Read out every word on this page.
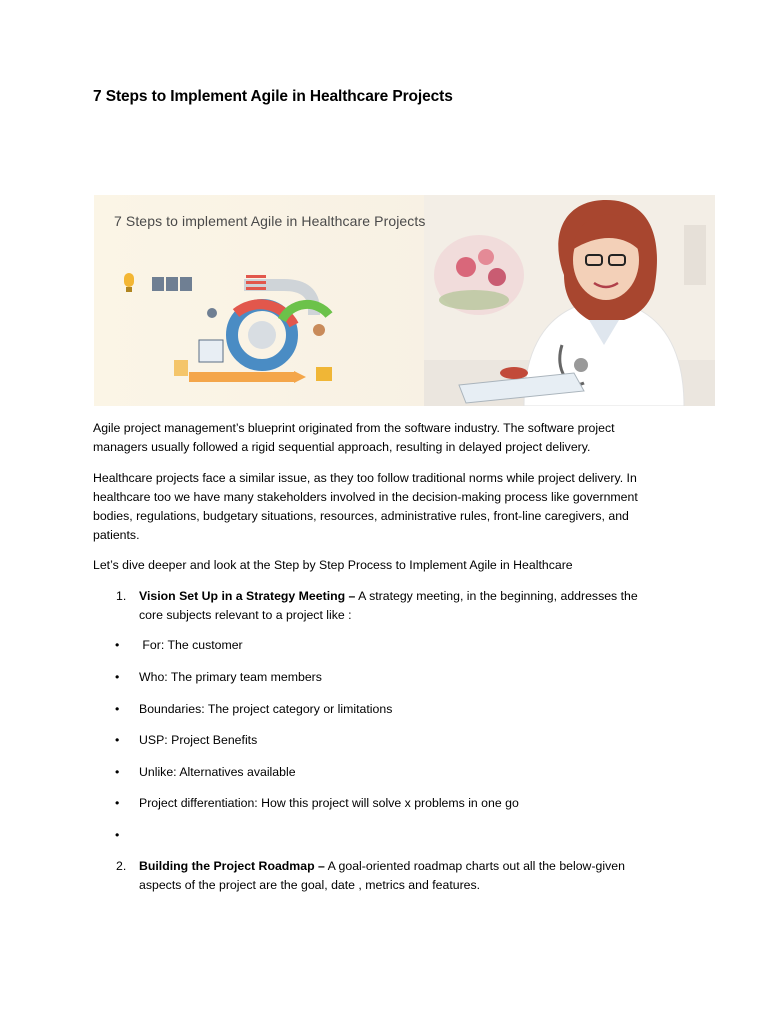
7 Steps to Implement Agile in Healthcare Projects
7 Steps to implement Agile in Healthcare Projects
Agile project management’s blueprint originated from the software industry. The software project
managers usually followed a rigid sequential approach, resulting in delayed project delivery.
Healthcare projects face a similar issue, as they too follow traditional norms while project delivery. In
healthcare too we have many stakeholders involved in the decision-making process like government
bodies, regulations, budgetary situations, resources, administrative rules, front-line caregivers, and
patients.
Let’s dive deeper and look at the Step by Step Process to Implement Agile in Healthcare
1. Vision Set Up in a Strategy Meeting – A strategy meeting, in the beginning, addresses the
core subjects relevant to a project like :
• For: The customer
• Who: The primary team members
• Boundaries: The project category or limitations
• USP: Project Benefits
• Unlike: Alternatives available
• Project differentiation: How this project will solve x problems in one go
•
2. Building the Project Roadmap – A goal-oriented roadmap charts out all the below-given
aspects of the project are the goal, date , metrics and features.
